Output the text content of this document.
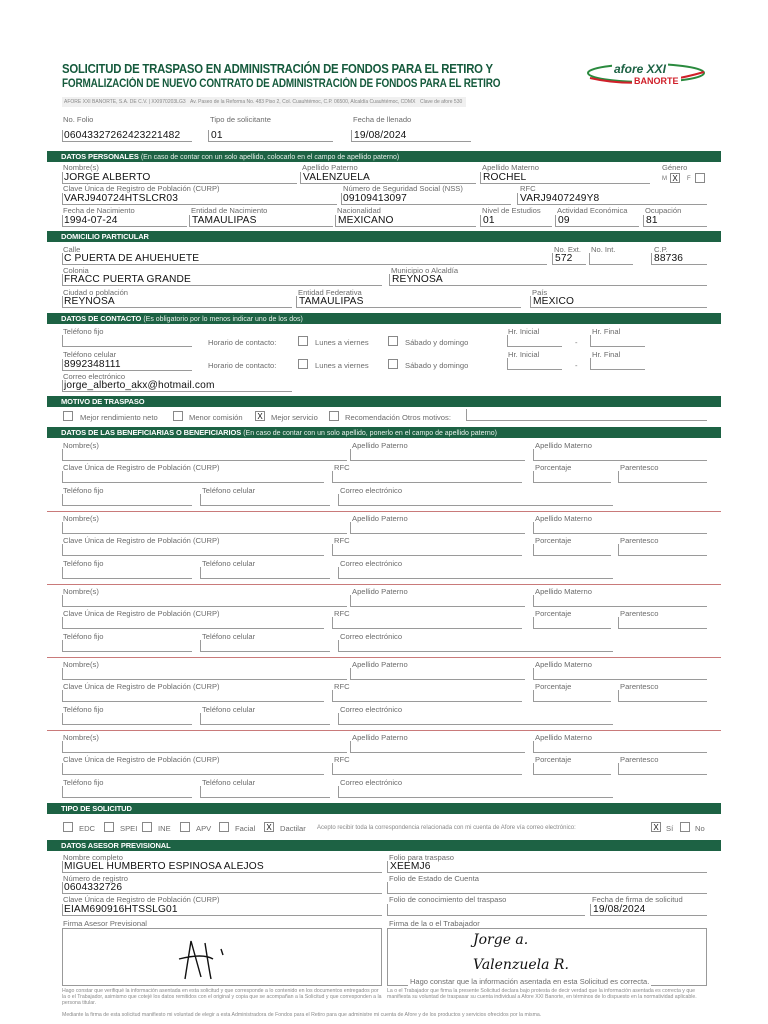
SOLICITUD DE TRASPASO EN ADMINISTRACIÓN DE FONDOS PARA EL RETIRO Y
FORMALIZACIÓN DE NUEVO CONTRATO DE ADMINISTRACIÓN DE FONDOS PARA EL RETIRO
afore XXI
BANORTE
AFORE XXI BANORTE, S.A. DE C.V. | XXI970203LG3 Av. Paseo de la Reforma No. 483 Piso 2, Col. Cuauhtémoc, C.P. 06500, Alcaldía Cuauhtémoc, CDMX Clave de afore 530
No. Folio
06043327262423221482
Tipo de solicitante
01
Fecha de llenado
19/08/2024
DATOS PERSONALES (En caso de contar con un solo apellido, colocarlo en el campo de apellido paterno)
Nombre(s)
JORGE ALBERTO
Apellido Paterno
VALENZUELA
Apellido Materno
ROCHEL
Género
M X	F
Clave Única de Registro de Población (CURP)
VARJ940724HTSLCR03
Número de Seguridad Social (NSS)
09109413097
RFC
VARJ9407249Y8
Fecha de Nacimiento
1994-07-24
Entidad de Nacimiento
TAMAULIPAS
Nacionalidad
MEXICANO
Nivel de Estudios
01
Actividad Económica
09
Ocupación
81
DOMICILIO PARTICULAR
Calle
C PUERTA DE AHUEHUETE
No. Ext.
572
No. Int.	C.P.
88736
Colonia
FRACC PUERTA GRANDE
Municipio o Alcaldía
REYNOSA
Ciudad o población
REYNOSA
Entidad Federativa
TAMAULIPAS
País
MEXICO
DATOS DE CONTACTO (Es obligatorio por lo menos indicar uno de los dos)
Teléfono fijo
Horario de contacto:	Lunes a viernes	Sábado y domingo
Hr. Inicial
-
Hr. Final
Teléfono celular
8992348111	Horario de contacto:	Lunes a viernes	Sábado y domingo
Hr. Inicial
-
Hr. Final
Correo electrónico
jorge_alberto_akx@hotmail.com
MOTIVO DE TRASPASO
Mejor rendimiento neto	Menor comisión X	Mejor servicio	Recomendación Otros motivos:
DATOS DE LAS BENEFICIARIAS O BENEFICIARIOS (En caso de contar con un solo apellido, ponerlo en el campo de apellido paterno)
Nombre(s)	Apellido Paterno	Apellido Materno
Clave Única de Registro de Población (CURP)	RFC	Porcentaje	Parentesco
Teléfono fijo	Teléfono celular	Correo electrónico
Nombre(s)	Apellido Paterno	Apellido Materno
Clave Única de Registro de Población (CURP)	RFC	Porcentaje	Parentesco
Teléfono fijo	Teléfono celular	Correo electrónico
Nombre(s)	Apellido Paterno	Apellido Materno
Clave Única de Registro de Población (CURP)	RFC	Porcentaje	Parentesco
Teléfono fijo	Teléfono celular	Correo electrónico
Nombre(s)	Apellido Paterno	Apellido Materno
Clave Única de Registro de Población (CURP)	RFC	Porcentaje	Parentesco
Teléfono fijo	Teléfono celular	Correo electrónico
Nombre(s)	Apellido Paterno	Apellido Materno
Clave Única de Registro de Población (CURP)	RFC	Porcentaje	Parentesco
Teléfono fijo	Teléfono celular	Correo electrónico
TIPO DE SOLICITUD
EDC	SPEI	INE	APV	Facial X	Dactilar Acepto recibir toda la correspondencia relacionada con mi cuenta de Afore vía correo electrónico:	X Sí	No
DATOS ASESOR PREVISIONAL
Nombre completo
MIGUEL HUMBERTO ESPINOSA ALEJOS
Folio para traspaso
XEEMJ6
Número de registro
0604332726
Folio de Estado de Cuenta
Clave Única de Registro de Población (CURP)
EIAM690916HTSSLG01
Folio de conocimiento del traspaso	Fecha de firma de solicitud
19/08/2024
Firma Asesor Previsional	Firma de la o el Trabajador
Jorge a.
Valenzuela R.
Hago constar que la información asentada en esta Solicitud es correcta.
Hago constar que verifiqué la información asentada en esta solicitud y que corresponde a lo contenido en los documentos entregados por la o el Trabajador, asimismo que cotejé los datos remitidos con el original y copia que se acompañan a la Solicitud y que corresponden a la persona titular.
La o el Trabajador que firma la presente Solicitud declara bajo protesta de decir verdad que la información asentada es correcta y que manifiesta su voluntad de traspasar su cuenta individual a Afore XXI Banorte, en términos de lo dispuesto en la normatividad aplicable.
Mediante la firma de esta solicitud manifiesto mi voluntad de elegir a esta Administradora de Fondos para el Retiro para que administre mi cuenta de Afore y de los productos y servicios ofrecidos por la misma.
